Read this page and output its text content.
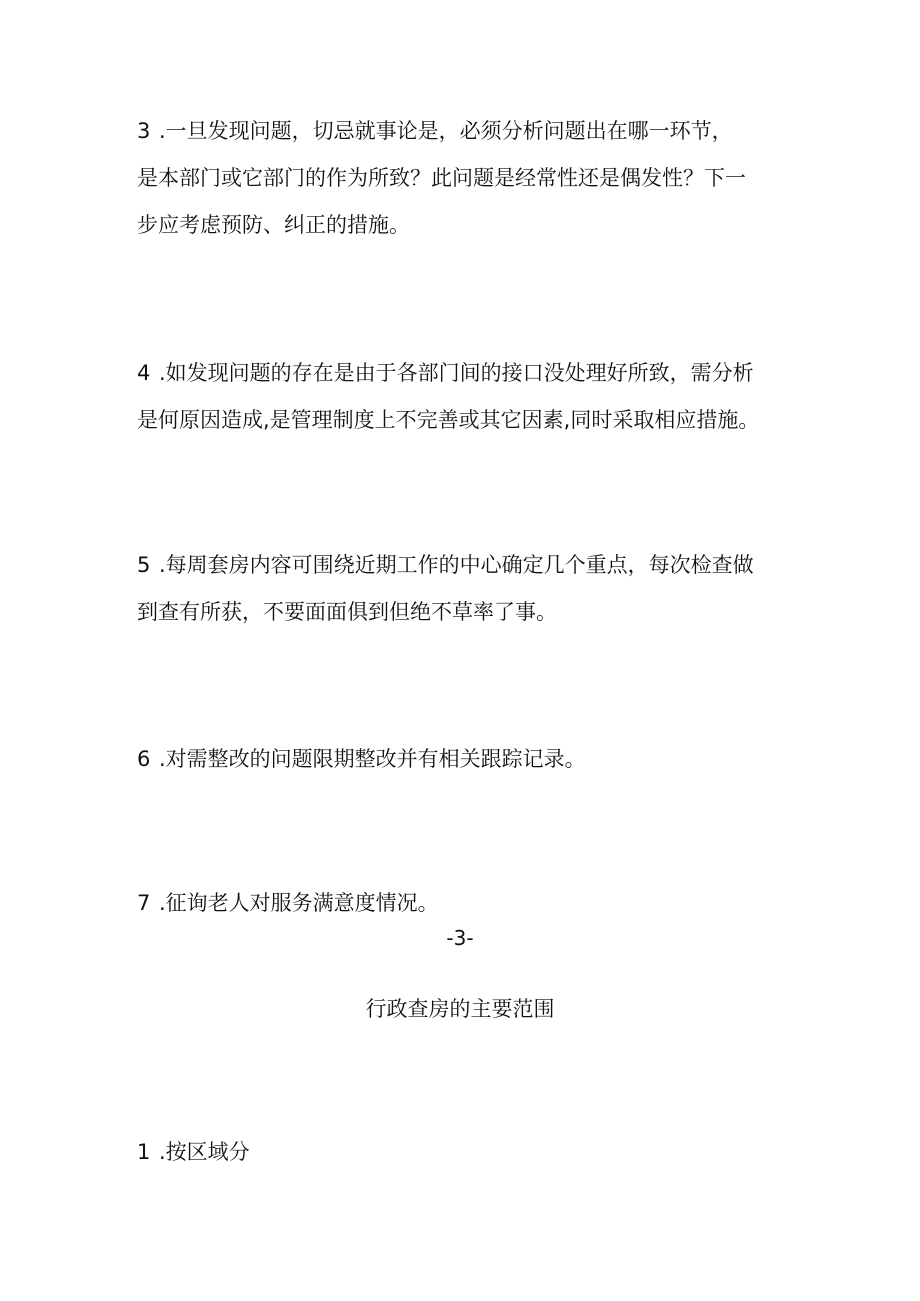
3 .一旦发现问题，切忌就事论是，必须分析问题出在哪一环节，
是本部门或它部门的作为所致？此问题是经常性还是偶发性？下一
步应考虑预防、纠正的措施。
4 .如发现问题的存在是由于各部门间的接口没处理好所致，需分析
是何原因造成,是管理制度上不完善或其它因素,同时采取相应措施。
5 .每周套房内容可围绕近期工作的中心确定几个重点，每次检查做
到查有所获，不要面面俱到但绝不草率了事。
6 .对需整改的问题限期整改并有相关跟踪记录。
7 .征询老人对服务满意度情况。
-3-
行政查房的主要范围
1 .按区域分
